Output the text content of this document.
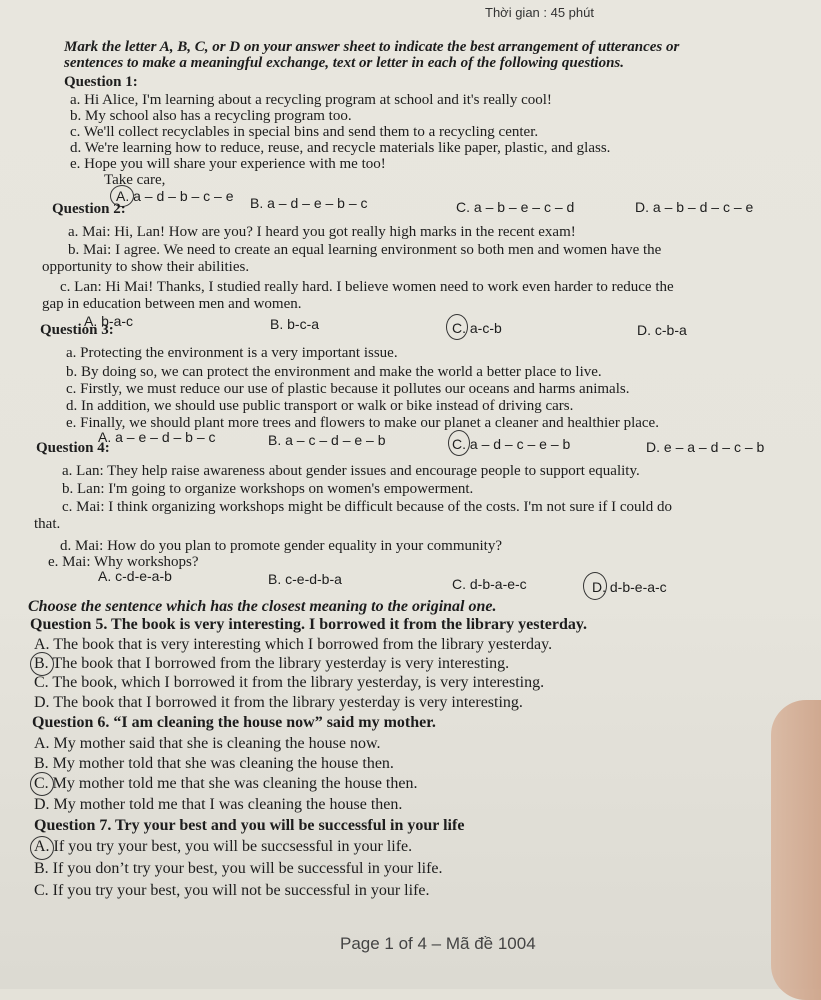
Thời gian : 45 phút
Mark the letter A, B, C, or D on your answer sheet to indicate the best arrangement of utterances or
sentences to make a meaningful exchange, text or letter in each of the following questions.
Question 1:
a. Hi Alice, I'm learning about a recycling program at school and it's really cool!
b. My school also has a recycling program too.
c. We'll collect recyclables in special bins and send them to a recycling center.
d. We're learning how to reduce, reuse, and recycle materials like paper, plastic, and glass.
e. Hope you will share your experience with me too!
Take care,
A. a – d – b – c – e B. a – d – e – b – c	C. a – b – e – c – d	D. a – b – d – c – e
Question 2:
a. Mai: Hi, Lan! How are you? I heard you got really high marks in the recent exam!
b. Mai: I agree. We need to create an equal learning environment so both men and women have the
opportunity to show their abilities.
c. Lan: Hi Mai! Thanks, I studied really hard. I believe women need to work even harder to reduce the
gap in education between men and women.
A. b-a-c	B. b-c-a	C. a-c-b	D. c-b-a
Question 3:
a. Protecting the environment is a very important issue.
b. By doing so, we can protect the environment and make the world a better place to live.
c. Firstly, we must reduce our use of plastic because it pollutes our oceans and harms animals.
d. In addition, we should use public transport or walk or bike instead of driving cars.
e. Finally, we should plant more trees and flowers to make our planet a cleaner and healthier place.
A. a – e – d – b – c	B. a – c – d – e – b	C. a – d – c – e – b	D. e – a – d – c – b
Question 4:
a. Lan: They help raise awareness about gender issues and encourage people to support equality.
b. Lan: I'm going to organize workshops on women's empowerment.
c. Mai: I think organizing workshops might be difficult because of the costs. I'm not sure if I could do
that.
d. Mai: How do you plan to promote gender equality in your community?
e. Mai: Why workshops?
A. c-d-e-a-b	B. c-e-d-b-a	C. d-b-a-e-c	D. d-b-e-a-c
Choose the sentence which has the closest meaning to the original one.
Question 5. The book is very interesting. I borrowed it from the library yesterday.
A. The book that is very interesting which I borrowed from the library yesterday.
B. The book that I borrowed from the library yesterday is very interesting.
C. The book, which I borrowed it from the library yesterday, is very interesting.
D. The book that I borrowed it from the library yesterday is very interesting.
Question 6. “I am cleaning the house now” said my mother.
A. My mother said that she is cleaning the house now.
B. My mother told that she was cleaning the house then.
C. My mother told me that she was cleaning the house then.
D. My mother told me that I was cleaning the house then.
Question 7. Try your best and you will be successful in your life
A. If you try your best, you will be succsessful in your life.
B. If you don’t try your best, you will be successful in your life.
C. If you try your best, you will not be successful in your life.
Page 1 of 4 – Mã đề 1004
